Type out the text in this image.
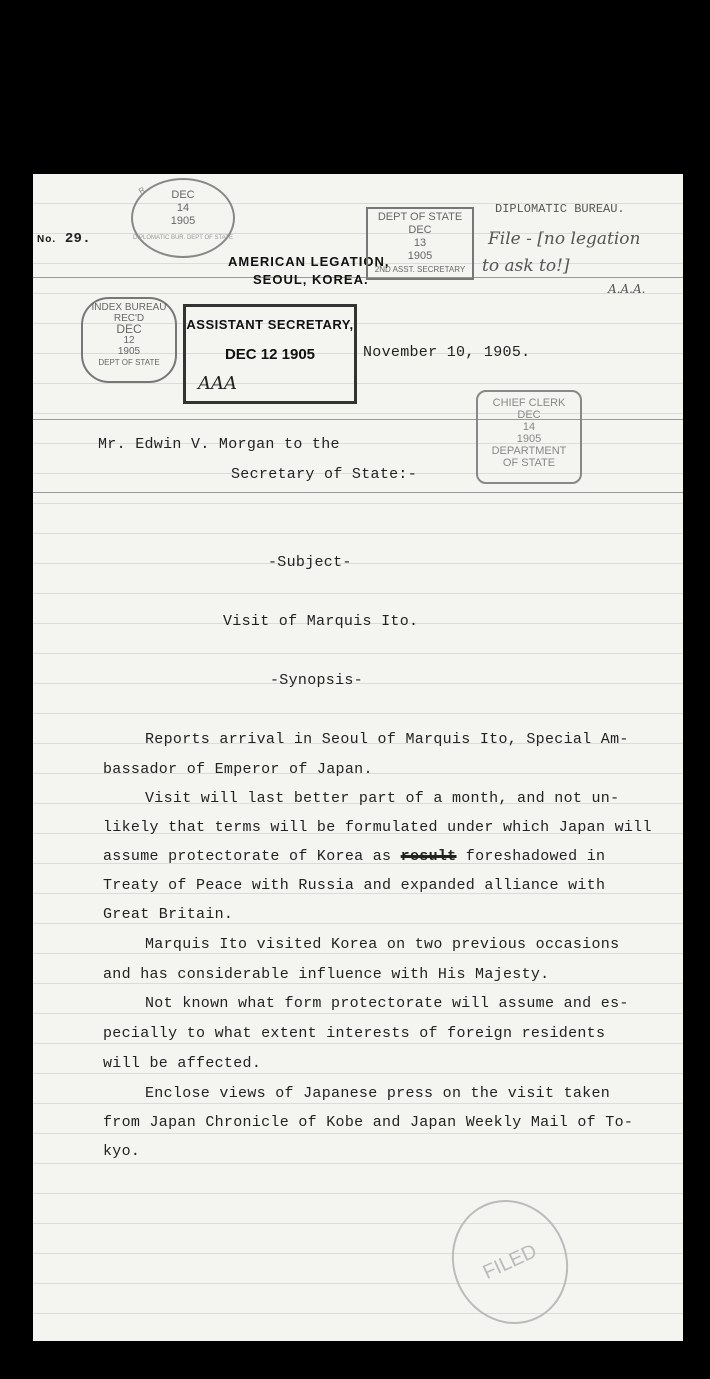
No. 29.
R	DEC
14
1905
DIPLOMATIC BUR. DEPT OF STATE
AMERICAN LEGATION,
SEOUL, KOREA.
DEPT OF STATE
DEC
13
1905
2ND ASST. SECRETARY
DIPLOMATIC BUREAU.
File - [no legation
to ask to!]
A.A.A.
INDEX BUREAU
REC'D
DEC
12
1905
DEPT OF STATE
ASSISTANT SECRETARY,
DEC 12 1905
AAA
November 10, 1905.
CHIEF CLERK
DEC
14
1905
DEPARTMENT
OF STATE
Mr. Edwin V. Morgan to the
Secretary of State:-
-Subject-
Visit of Marquis Ito.
-Synopsis-
Reports arrival in Seoul of Marquis Ito, Special Am-
bassador of Emperor of Japan.
Visit will last better part of a month, and not un-
likely that terms will be formulated under which Japan will
assume protectorate of Korea as result foreshadowed in
Treaty of Peace with Russia and expanded alliance with
Great Britain.
Marquis Ito visited Korea on two previous occasions
and has considerable influence with His Majesty.
Not known what form protectorate will assume and es-
pecially to what extent interests of foreign residents
will be affected.
Enclose views of Japanese press on the visit taken
from Japan Chronicle of Kobe and Japan Weekly Mail of To-
kyo.
FILED
